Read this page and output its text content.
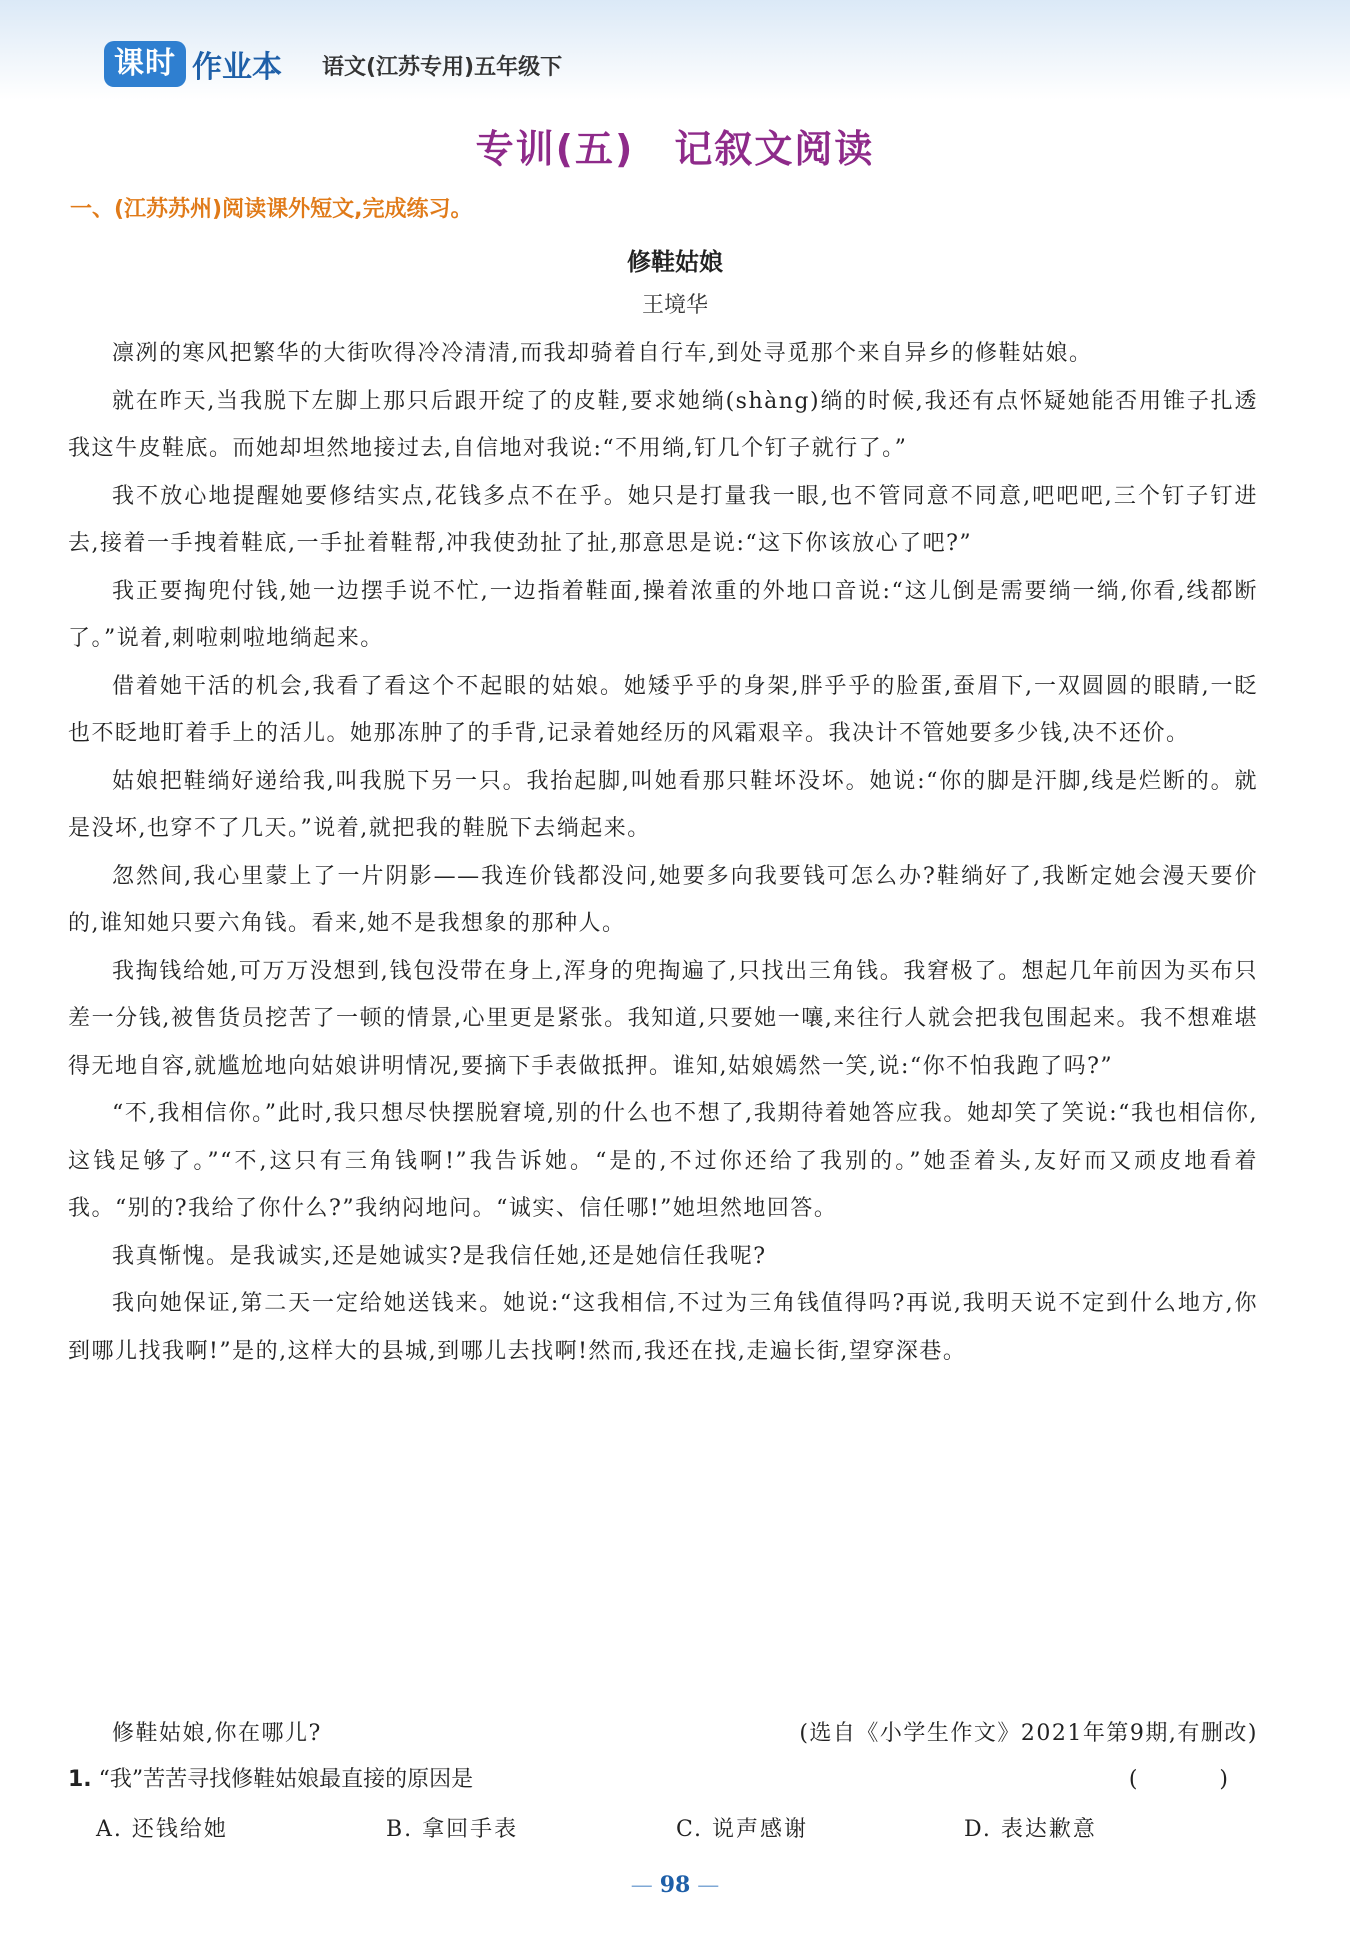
课时 作业本 语文(江苏专用)五年级下
专训(五)　记叙文阅读
一、(江苏苏州)阅读课外短文,完成练习。
修鞋姑娘
王境华

凛冽的寒风把繁华的大街吹得冷冷清清,而我却骑着自行车,到处寻觅那个来自异乡的修鞋姑娘。

就在昨天,当我脱下左脚上那只后跟开绽了的皮鞋,要求她绱(shàng)绱的时候,我还有点怀疑她能否用锥子扎透我这牛皮鞋底。而她却坦然地接过去,自信地对我说:“不用绱,钉几个钉子就行了。”

我不放心地提醒她要修结实点,花钱多点不在乎。她只是打量我一眼,也不管同意不同意,吧吧吧,三个钉子钉进去,接着一手拽着鞋底,一手扯着鞋帮,冲我使劲扯了扯,那意思是说:“这下你该放心了吧?”

我正要掏兜付钱,她一边摆手说不忙,一边指着鞋面,操着浓重的外地口音说:“这儿倒是需要绱一绱,你看,线都断了。”说着,刺啦刺啦地绱起来。

借着她干活的机会,我看了看这个不起眼的姑娘。她矮乎乎的身架,胖乎乎的脸蛋,蚕眉下,一双圆圆的眼睛,一眨也不眨地盯着手上的活儿。她那冻肿了的手背,记录着她经历的风霜艰辛。我决计不管她要多少钱,决不还价。

姑娘把鞋绱好递给我,叫我脱下另一只。我抬起脚,叫她看那只鞋坏没坏。她说:“你的脚是汗脚,线是烂断的。就是没坏,也穿不了几天。”说着,就把我的鞋脱下去绱起来。

忽然间,我心里蒙上了一片阴影——我连价钱都没问,她要多向我要钱可怎么办?鞋绱好了,我断定她会漫天要价的,谁知她只要六角钱。看来,她不是我想象的那种人。

我掏钱给她,可万万没想到,钱包没带在身上,浑身的兜掏遍了,只找出三角钱。我窘极了。想起几年前因为买布只差一分钱,被售货员挖苦了一顿的情景,心里更是紧张。我知道,只要她一嚷,来往行人就会把我包围起来。我不想难堪得无地自容,就尴尬地向姑娘讲明情况,要摘下手表做抵押。谁知,姑娘嫣然一笑,说:“你不怕我跑了吗?”

“不,我相信你。”此时,我只想尽快摆脱窘境,别的什么也不想了,我期待着她答应我。她却笑了笑说:“我也相信你,这钱足够了。”“不,这只有三角钱啊!”我告诉她。“是的,不过你还给了我别的。”她歪着头,友好而又顽皮地看着我。“别的?我给了你什么?”我纳闷地问。“诚实、信任哪!”她坦然地回答。

我真惭愧。是我诚实,还是她诚实?是我信任她,还是她信任我呢?

我向她保证,第二天一定给她送钱来。她说:“这我相信,不过为三角钱值得吗?再说,我明天说不定到什么地方,你到哪儿找我啊!”是的,这样大的县城,到哪儿去找啊!然而,我还在找,走遍长街,望穿深巷。

修鞋姑娘,你在哪儿?	(选自《小学生作文》2021年第9期,有删改)
1. “我”苦苦寻找修鞋姑娘最直接的原因是	(　)
A. 还钱给她	B. 拿回手表	C. 说声感谢	D. 表达歉意
— 98 —
